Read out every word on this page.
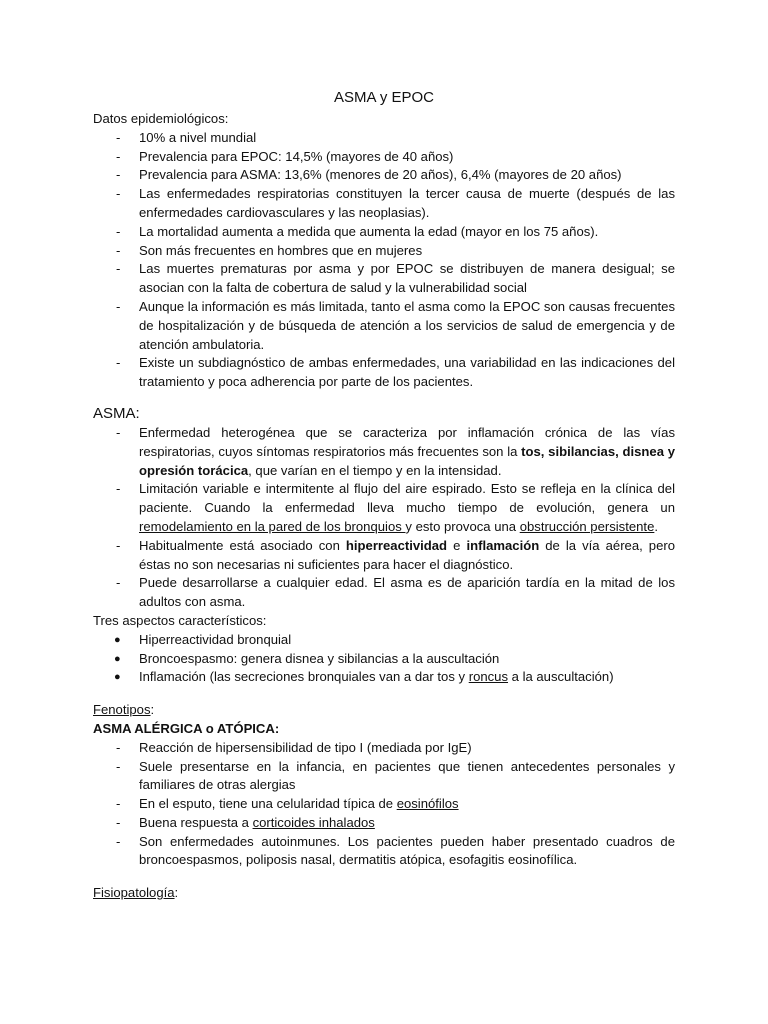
ASMA y EPOC

Datos epidemiológicos:

- 10% a nivel mundial
- Prevalencia para EPOC: 14,5% (mayores de 40 años)
- Prevalencia para ASMA: 13,6% (menores de 20 años), 6,4% (mayores de 20 años)
- Las enfermedades respiratorias constituyen la tercer causa de muerte (después de las enfermedades cardiovasculares y las neoplasias).
- La mortalidad aumenta a medida que aumenta la edad (mayor en los 75 años).
- Son más frecuentes en hombres que en mujeres
- Las muertes prematuras por asma y por EPOC se distribuyen de manera desigual; se asocian con la falta de cobertura de salud y la vulnerabilidad social
- Aunque la información es más limitada, tanto el asma como la EPOC son causas frecuentes de hospitalización y de búsqueda de atención a los servicios de salud de emergencia y de atención ambulatoria.
- Existe un subdiagnóstico de ambas enfermedades, una variabilidad en las indicaciones del tratamiento y poca adherencia por parte de los pacientes.

ASMA:

- Enfermedad heterogénea que se caracteriza por inflamación crónica de las vías respiratorias, cuyos síntomas respiratorios más frecuentes son la tos, sibilancias, disnea y opresión torácica, que varían en el tiempo y en la intensidad.
- Limitación variable e intermitente al flujo del aire espirado. Esto se refleja en la clínica del paciente. Cuando la enfermedad lleva mucho tiempo de evolución, genera un remodelamiento en la pared de los bronquios y esto provoca una obstrucción persistente.
- Habitualmente está asociado con hiperreactividad e inflamación de la vía aérea, pero éstas no son necesarias ni suficientes para hacer el diagnóstico.
- Puede desarrollarse a cualquier edad. El asma es de aparición tardía en la mitad de los adultos con asma.

Tres aspectos característicos:

● Hiperreactividad bronquial
● Broncoespasmo: genera disnea y sibilancias a la auscultación
● Inflamación (las secreciones bronquiales van a dar tos y roncus a la auscultación)

Fenotipos:

ASMA ALÉRGICA o ATÓPICA:

- Reacción de hipersensibilidad de tipo I (mediada por IgE)
- Suele presentarse en la infancia, en pacientes que tienen antecedentes personales y familiares de otras alergias
- En el esputo, tiene una celularidad típica de eosinófilos
- Buena respuesta a corticoides inhalados
- Son enfermedades autoinmunes. Los pacientes pueden haber presentado cuadros de broncoespasmos, poliposis nasal, dermatitis atópica, esofagitis eosinofílica.

Fisiopatología:
